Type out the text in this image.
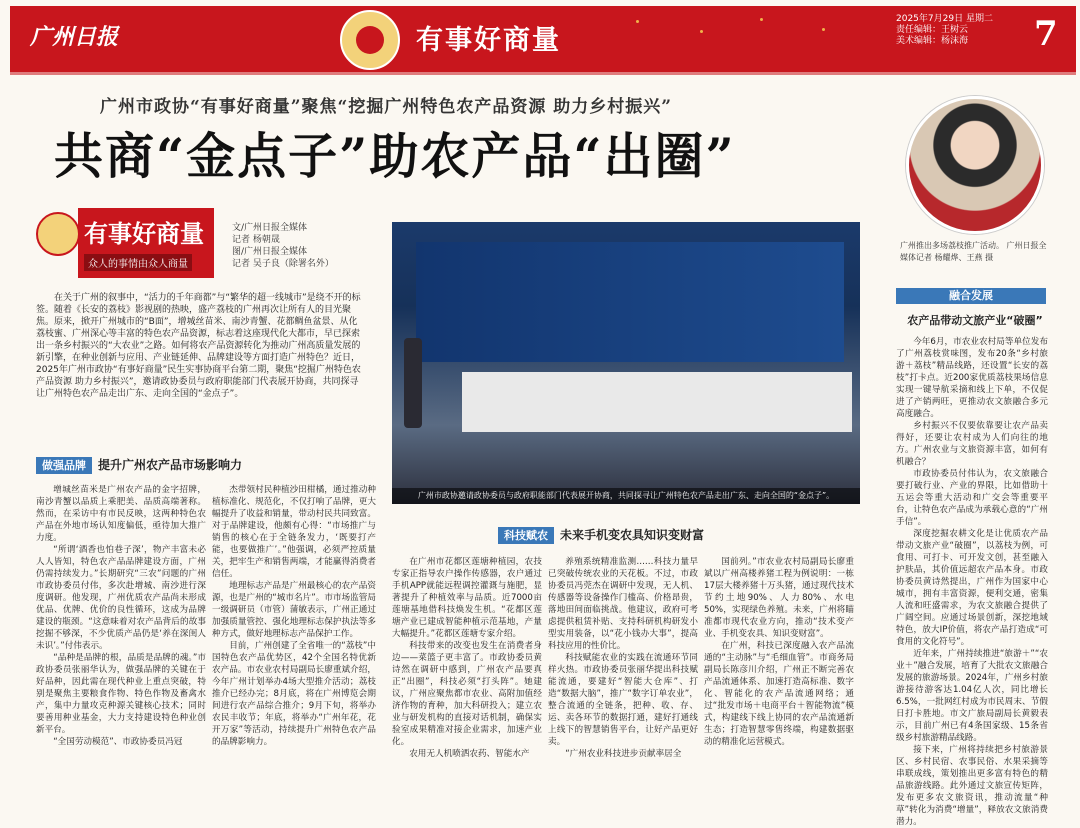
广州日报	有事好商量
2025年7月29日 星期二
责任编辑：王树云
美术编辑：杨沫海	7
广州市政协“有事好商量”聚焦“挖掘广州特色农产品资源 助力乡村振兴”
共商“金点子”助农产品“出圈”
广州推出多场荔枝推广活动。 广州日报全媒体记者 杨耀烨、王燕 摄
有事好商量
众人的事情由众人商量
文/广州日报全媒体
记者 杨朝晟
图/广州日报全媒体
记者 吴子良（除署名外）
在关于广州的叙事中，“活力的千年商都”与“繁华的超一线城市”是绕不开的标签。随着《长安的荔枝》影视剧的热映，盛产荔枝的广州再次让所有人的目光聚焦。原来，掀开广州城市的“B面”，增城丝苗米、南沙青蟹、花都鲷鱼盆景、从化荔枝蜜、广州深心等丰富的特色农产品资源，标志着这座现代化大都市，早已探索出一条乡村振兴的“大农业”之路。如何将农产品资源转化为推动广州高质量发展的新引擎，在种业创新与应用、产业链延伸、品牌建设等方面打造广州特色？近日，2025年广州市政协“有事好商量”民生实事协商平台第二期，聚焦“挖掘广州特色农产品资源 助力乡村振兴”，邀请政协委员与政府职能部门代表展开协商，共同探寻让广州特色农产品走出广东、走向全国的“金点子”。
广州市政协邀请政协委员与政府职能部门代表展开协商，共同探寻让广州特色农产品走出广东、走向全国的“金点子”。
做强品牌 提升广州农产品市场影响力

增城丝苗米是广州农产品的金字招牌，南沙青蟹以品质上乘肥美、品质高端著称。然而，在采访中有市民反映，这两种特色农产品在外地市场认知度偏低，亟待加大推广力度。

“所谓‘酒香也怕巷子深’，物产丰富未必人人皆知，特色农产品品牌建设方面，广州仍需持续发力。”长期研究“三农”问题的广州市政协委员付伟，多次赴增城、南沙进行深度调研。他发现，广州优质农产品尚未形成优品、优牌、优价的良性循环，这成为品牌建设的瓶颈。“这意味着对农产品背后的故事挖掘不够深，不少优质产品仍是‘养在深闺人未识’。”付伟表示。

“品种是品牌的根，品质是品牌的魂。”市政协委员张丽华认为，做强品牌的关键在于好品种，因此需在现代种业上重点突破，特别是聚焦主要粮食作物、特色作物及畜禽水产，集中力量攻克种源关键核心技术；同时要善用种业基金，大力支持建设特色种业创新平台。

“全国劳动模范”、市政协委员冯冠

杰带领村民种植沙田柑橘，通过推动种植标准化、规范化，不仅打响了品牌，更大幅提升了收益和销量，带动村民共同致富。对于品牌建设，他颇有心得：“市场推广与销售的核心在于全链条发力，‘既要打产能，也要做推广’。”他强调，必须严控质量关，把牢生产和销售两端，才能赢得消费者信任。

地理标志产品是广州最核心的农产品资源，也是广州的“城市名片”。市市场监管局一级调研员（市管）蒲敏表示，广州正通过加强质量管控、强化地理标志保护执法等多种方式，做好地理标志产品保护工作。

目前，广州创建了全省唯一的“荔枝”中国特色农产品优势区，42个全国名特优新农产品。市农业农村局副局长廖重斌介绍，今年广州计划举办4场大型推介活动；荔枝推介已经办完；8月底，将在广州博览会期间进行农产品综合推介；9月下旬，将举办农民丰收节；年底，将举办“广州年花，花开万家”等活动，持续提升广州特色农产品的品牌影响力。

科技赋农 未来手机变农具知识变财富

在广州市花都区莲塘种植园，农技专家正指导农户操作传感器，农户通过手机APP就能远程调控灌溉与施肥，显著提升了种植效率与品质。近7000亩莲塘基地借科技焕发生机。“花都区莲塘产业已建成智能种植示范基地，产量大幅提升。”花都区莲塘专家介绍。

科技带来的改变也发生在消费者身边——菜篮子更丰富了。市政协委员黄诗然在调研中感到，广州农产品要真正“出圈”，科技必须“打头阵”。她建议，广州应聚焦都市农业、高附加值经济作物的育种，加大科研投入；建立农业与研发机构的直接对话机制，确保实验室成果精准对接企业需求，加速产业化。

农用无人机喷洒农药、智能水产

养殖系统精准监测……科技力量早已突破传统农业的天花板。不过，市政协委员冯莞杰在调研中发现，无人机、传感器等设备操作门槛高、价格昂贵，落地田间面临挑战。他建议，政府可考虑提供租赁补贴、支持科研机构研发小型实用装备，以“花小钱办大事”，提高科技应用的性价比。

科技赋能农业的实践在流通环节同样火热。市政协委员张丽华提出科技赋能流通，要建好“智能大仓库”、打造“数据大脑”，推广“数字订单农业”，整合流通的全链条，把种、收、存、运、卖各环节的数据打通，建好打通线上线下的智慧销售平台，让好产品更好卖。

“广州农业科技进步贡献率居全

国前列。”市农业农村局副局长廖重斌以广州高楼养猪工程为例说明：一栋17层大楼养猪十万头猪，通过现代技术节约土地90%、人力80%、水电50%，实现绿色养殖。未来，广州将瞄准都市现代农业方向，推动“技术变产业、手机变农具、知识变财富”。

在广州，科技已深度融入农产品流通的“主动脉”与“毛细血管”。市商务局副局长陈彦川介绍，广州正不断完善农产品流通体系、加速打造高标准、数字化、智能化的农产品流通网络；通过“批发市场＋电商平台＋智能物流”模式，构建线下线上协同的农产品流通新生态；打造智慧零售终端，构建数据驱动的精准化运营模式。

融合发展
农产品带动文旅产业“破圈”

今年6月，市农业农村局等单位发布了广州荔枝赏味图，发布20条“乡村旅游＋荔枝”精品线路，还设置“长安的荔枝”打卡点。近200家优质荔枝果场信息实现一键导航采摘和线上下单，不仅促进了产销两旺，更推动农文旅融合多元高度融合。

乡村振兴不仅要依靠要让农产品卖得好，还要让农村成为人们向往的地方。广州农业与文旅资源丰富，如何有机融合？

市政协委员付伟认为，农文旅融合要打破行业、产业的界限，比如借助十五运会等重大活动和广交会等重要平台，让特色农产品成为承载心意的“广州手信”。

深度挖掘农耕文化是让优质农产品带动文旅产业“破圈”，以荔枝为例，可食用、可打卡、可开发文创，甚至融入护肤品，其价值远超农产品本身。市政协委员黄诗然提出，广州作为国家中心城市，拥有丰富资源，便利交通，密集人流和旺盛需求，为农文旅融合提供了广阔空间。应通过场景创新，深挖地域特色，放大IP价值，将农产品打造成“可食用的文化符号”。

近年来，广州持续推进“旅游＋”“农业＋”融合发展，培育了大批农文旅融合发展的旅游场景。2024年，广州乡村旅游接待游客达1.04亿人次，同比增长6.5%，一批网红村成为市民周末、节假日打卡胜地。市文广旅局副局长黄毅表示，目前广州已有4条国家级、15条省级乡村旅游精品线路。

接下来，广州将持续把乡村旅游景区、乡村民宿、农事民俗、水果采摘等串联成线，策划推出更多富有特色的精品旅游线路。此外通过文旅宣传矩阵，发布更多农文旅资讯，推动流量“种草”转化为消费“增量”，释放农文旅消费潜力。
